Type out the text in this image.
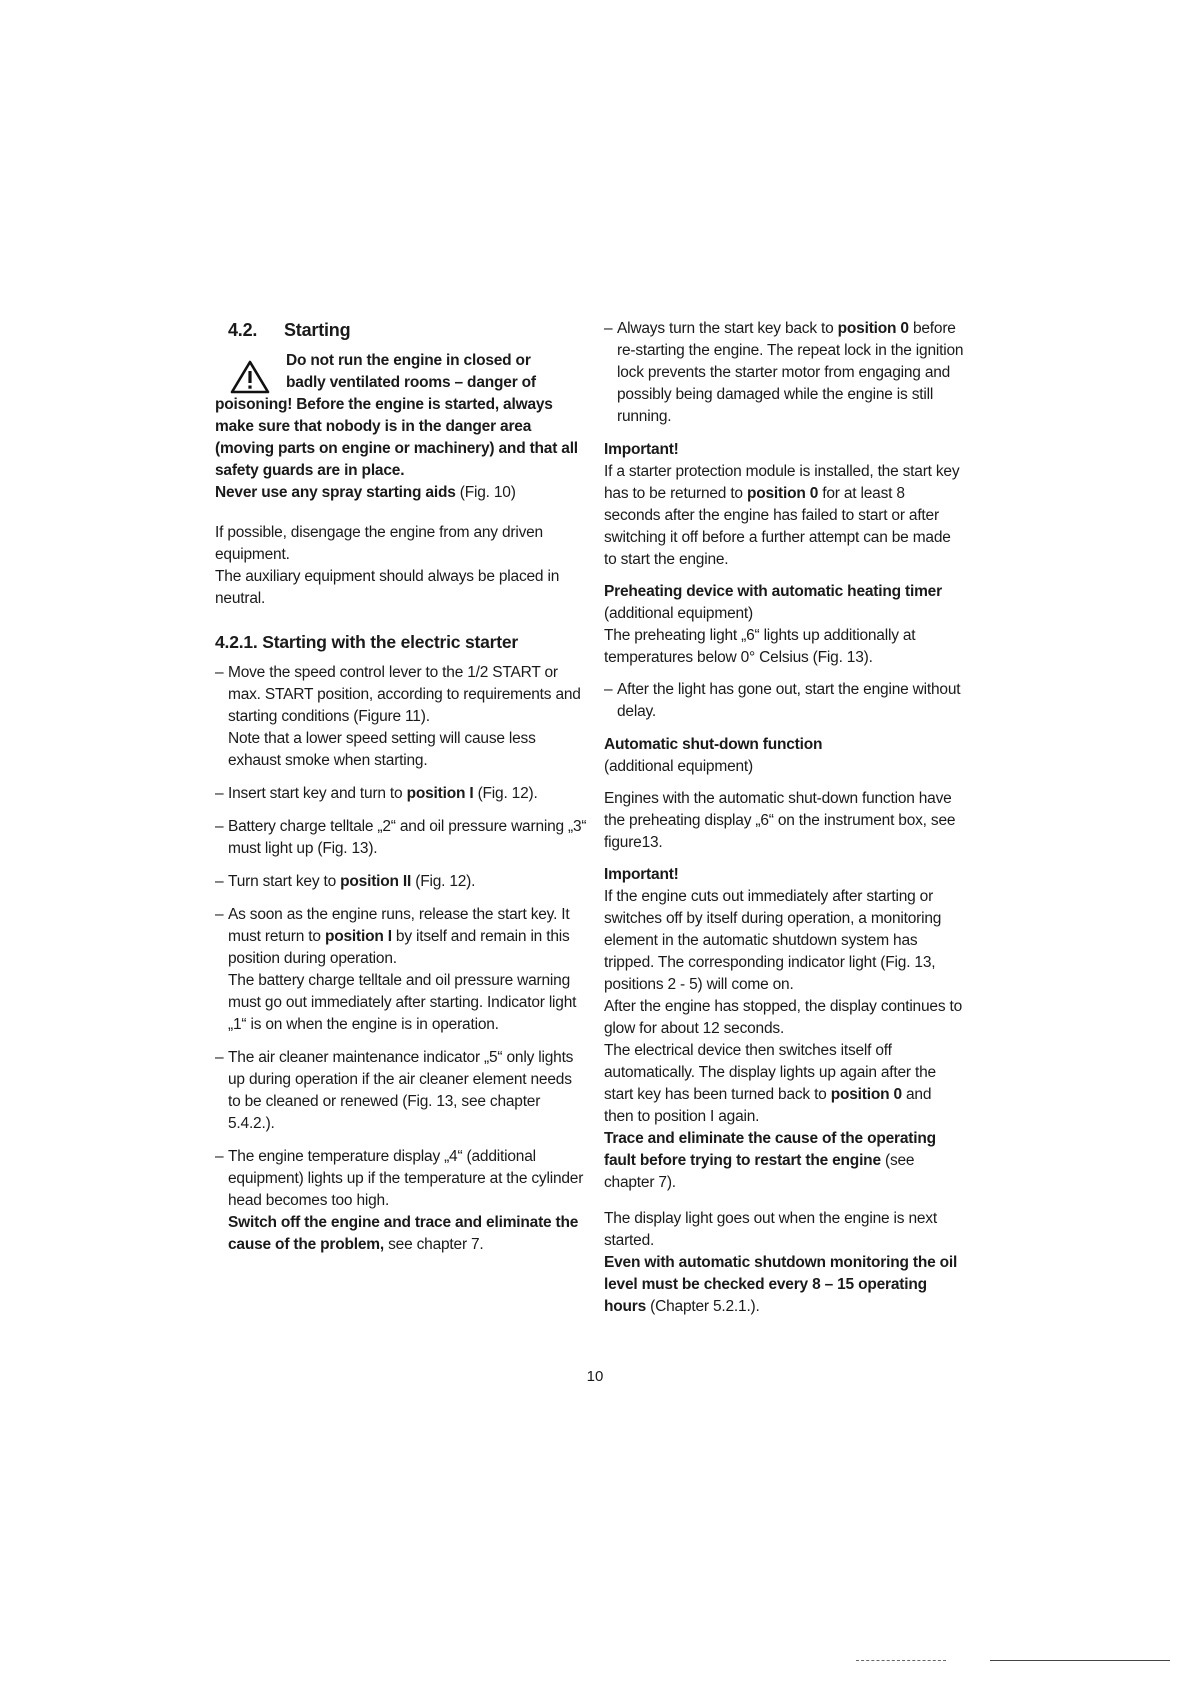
4.2. Starting

Do not run the engine in closed or

badly ventilated rooms – danger of

poisoning! Before the engine is started, always make sure that nobody is in the danger area (moving parts on engine or machinery) and that all safety guards are in place.

Never use any spray starting aids (Fig. 10)

If possible, disengage the engine from any driven equipment.

The auxiliary equipment should always be placed in neutral.

4.2.1. Starting with the electric starter
– Move the speed control lever to the 1/2 START or max. START position, according to requirements and starting conditions (Figure 11).

Note that a lower speed setting will cause less exhaust smoke when starting.

– Insert start key and turn to position I (Fig. 12).

– Battery charge telltale „2“ and oil pressure warning „3“ must light up (Fig. 13).

– Turn start key to position II (Fig. 12).

– As soon as the engine runs, release the start key. It must return to position I by itself and remain in this position during operation.

The battery charge telltale and oil pressure warning must go out immediately after starting. Indicator light „1“ is on when the engine is in operation.

– The air cleaner maintenance indicator „5“ only lights up during operation if the air cleaner element needs to be cleaned or renewed (Fig. 13, see chapter 5.4.2.).

– The engine temperature display „4“ (additional equipment) lights up if the temperature at the cylinder head becomes too high.

Switch off the engine and trace and eliminate the cause of the problem, see chapter 7.

– Always turn the start key back to position 0 before re-starting the engine. The repeat lock in the ignition lock prevents the starter motor from engaging and possibly being damaged while the engine is still running.

Important!

If a starter protection module is installed, the start key has to be returned to position 0 for at least 8 seconds after the engine has failed to start or after switching it off before a further attempt can be made to start the engine.

Preheating device with automatic heating timer (additional equipment)

The preheating light „6“ lights up additionally at temperatures below 0° Celsius (Fig. 13).

– After the light has gone out, start the engine without delay.

Automatic shut-down function

(additional equipment)

Engines with the automatic shut-down function have the preheating display „6“ on the instrument box, see figure13.

Important!

If the engine cuts out immediately after starting or switches off by itself during operation, a monitoring element in the automatic shutdown system has tripped. The corresponding indicator light (Fig. 13, positions 2 - 5) will come on.

After the engine has stopped, the display continues to glow for about 12 seconds.

The electrical device then switches itself off automatically. The display lights up again after the start key has been turned back to position 0 and then to position I again.

Trace and eliminate the cause of the operating fault before trying to restart the engine (see chapter 7).

The display light goes out when the engine is next started.

Even with automatic shutdown monitoring the oil level must be checked every 8 – 15 operating hours (Chapter 5.2.1.).

10
